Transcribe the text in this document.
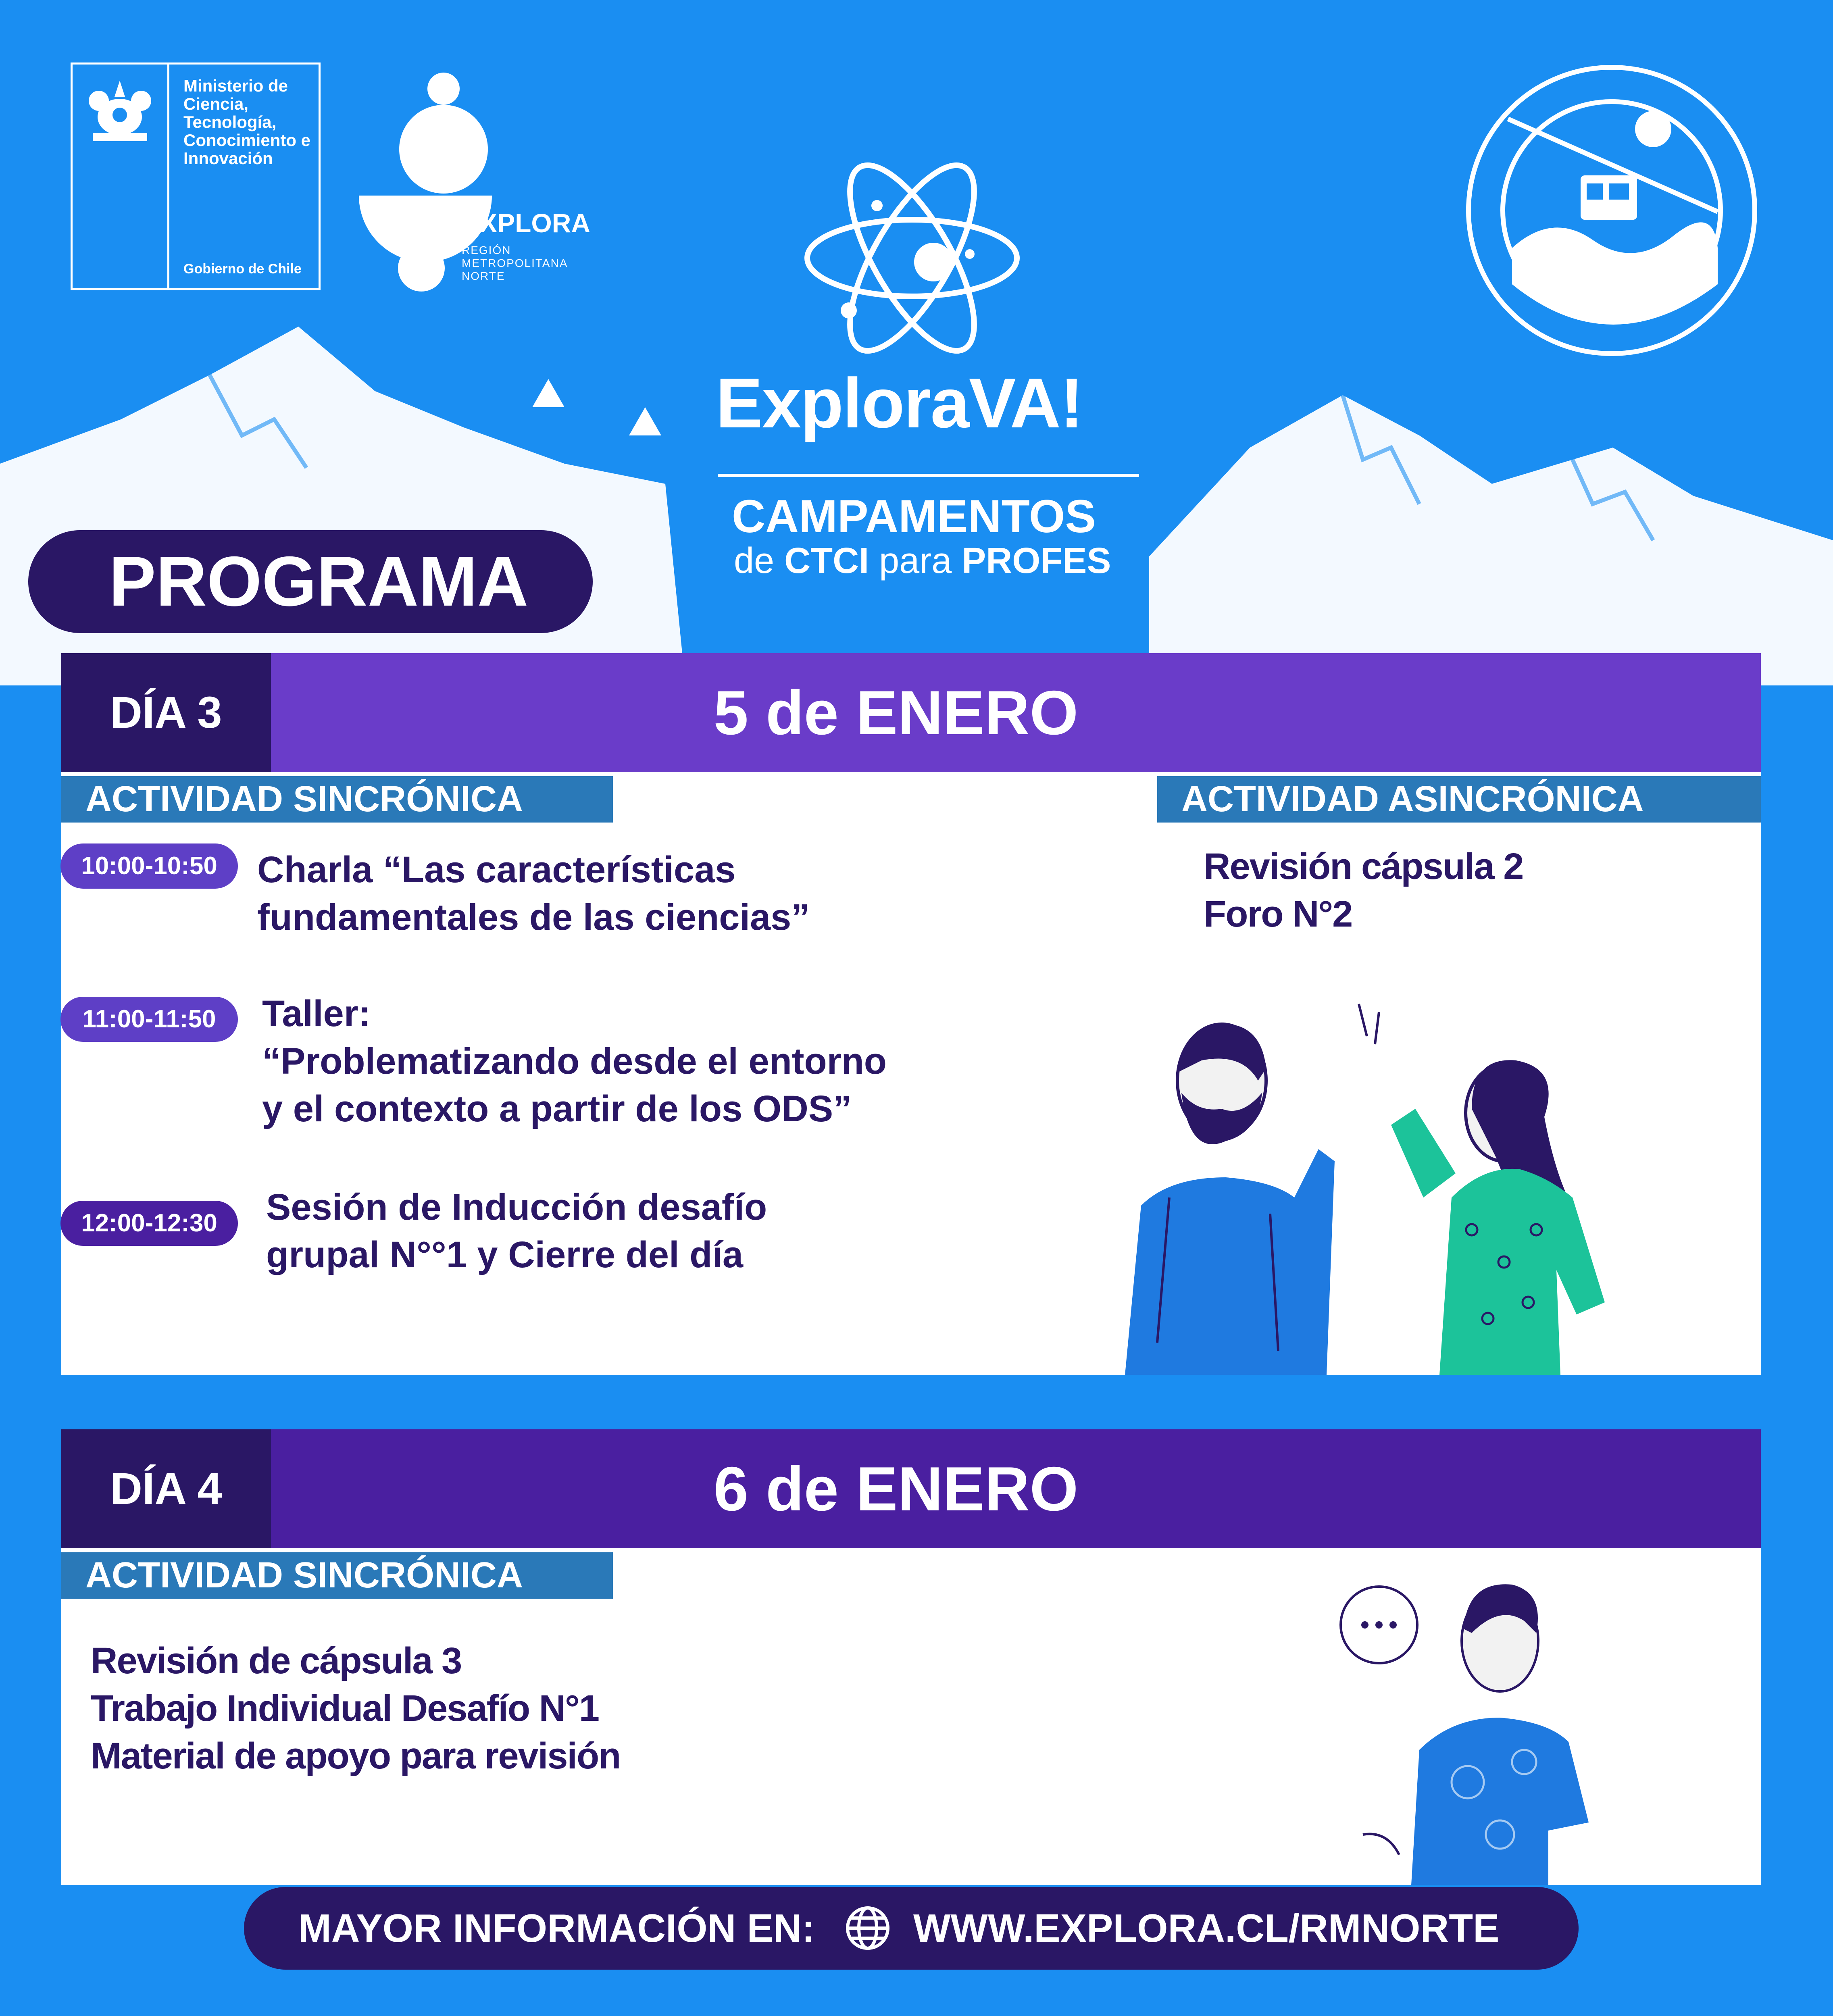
Ministerio de Ciencia, Tecnología, Conocimiento e Innovación
Gobierno de Chile
EXPLORA
REGIÓN METROPOLITANA NORTE
ExploraVA!
CAMPAMENTOS
de CTCI para PROFES
PROGRAMA
DÍA 3	5 de ENERO
ACTIVIDAD SINCRÓNICA	ACTIVIDAD ASINCRÓNICA
10:00-10:50	Charla “Las características
fundamentales de las ciencias”
11:00-11:50	Taller:
“Problematizando desde el entorno
y el contexto a partir de los ODS”
12:00-12:30	Sesión de Inducción desafío
grupal N°°1 y Cierre del día
Revisión cápsula 2
Foro N°2
DÍA 4	6 de ENERO
ACTIVIDAD SINCRÓNICA
Revisión de cápsula 3
Trabajo Individual Desafío N°1
Material de apoyo para revisión
MAYOR INFORMACIÓN EN: WWW.EXPLORA.CL/RMNORTE
